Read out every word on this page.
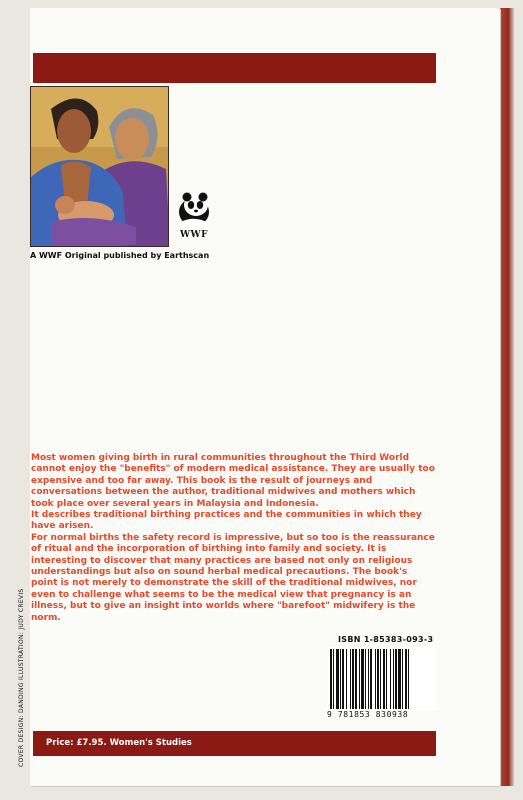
WWF
A WWF Original published by Earthscan

Most women giving birth in rural communities throughout the Third World cannot enjoy the "benefits" of modern medical assistance. They are usually too expensive and too far away. This book is the result of journeys and conversations between the author, traditional midwives and mothers which took place over several years in Malaysia and Indonesia.

It describes traditional birthing practices and the communities in which they have arisen.

For normal births the safety record is impressive, but so too is the reassurance of ritual and the incorporation of birthing into family and society. It is interesting to discover that many practices are based not only on religious understandings but also on sound herbal medical precautions. The book's point is not merely to demonstrate the skill of the traditional midwives, nor even to challenge what seems to be the medical view that pregnancy is an illness, but to give an insight into worlds where "barefoot" midwifery is the norm.

ISBN 1-85383-093-3
9 781853 830938
Price: £7.95. Women's Studies
COVER DESIGN: DANDING ILLUSTRATION: JUDY CREVIS
